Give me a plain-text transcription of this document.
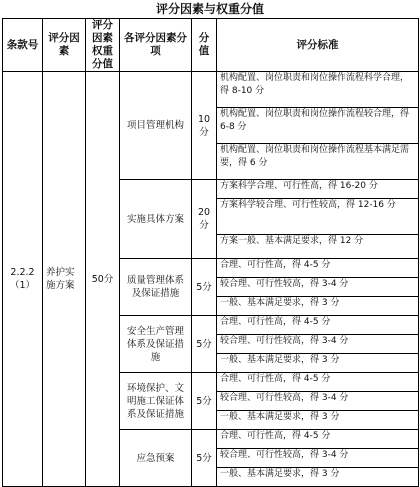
评分因素与权重分值
条款号	评分因素	评分因素权重分值	各评分因素分项	分值	评分标准
2.2.2（1）	养护实施方案	50分	项目管理机构	10分	机构配置、岗位职责和岗位操作流程科学合理，得 8-10 分
					机构配置、岗位职责和岗位操作流程较合理，得 6-8 分
					机构配置、岗位职责和岗位操作流程基本满足需要，得 6 分
			实施具体方案	20分	方案科学合理、可行性高，得 16-20 分
					方案科学较合理、可行性较高，得 12-16 分
					方案一般、基本满足要求，得 12 分
			质量管理体系及保证措施	5分	合理、可行性高，得 4-5 分
					较合理、可行性较高，得 3-4 分
					一般、基本满足要求，得 3 分
			安全生产管理体系及保证措施	5分	合理、可行性高，得 4-5 分
					较合理、可行性较高，得 3-4 分
					一般、基本满足要求，得 3 分
			环境保护、文明施工保证体系及保证措施	5分	合理、可行性高，得 4-5 分
					较合理、可行性较高，得 3-4 分
					一般、基本满足要求，得 3 分
			应急预案	5分	合理、可行性高，得 4-5 分
					较合理、可行性较高，得 3-4 分
					一般、基本满足要求，得 3 分
